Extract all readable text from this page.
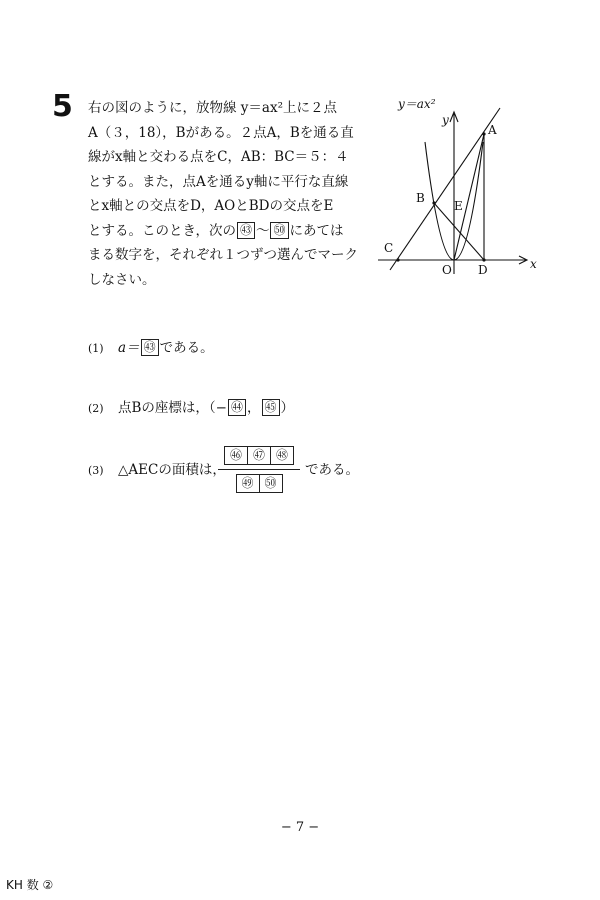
5 右の図のように，放物線 y＝ax²上に２点
A（３，18），Bがある。２点A，Bを通る直
線がx軸と交わる点をC，AB：BC＝５：４
とする。また，点Aを通るy軸に平行な直線
とx軸との交点をD，AOとBDの交点をE
とする。このとき，次の ㊸ ～ ㊿ にあては
まる数字を，それぞれ１つずつ選んでマーク
しなさい。
y＝ax²
y
x
A
B
C
D
E
O
(1) a＝ ㊸ である。
(2) 点Bの座標は，（− ㊹ ， ㊺ ）
(3) △AECの面積は，
㊻ ㊼ ㊽
㊾ ㊿
である。
− 7 −
KH 数 ②
